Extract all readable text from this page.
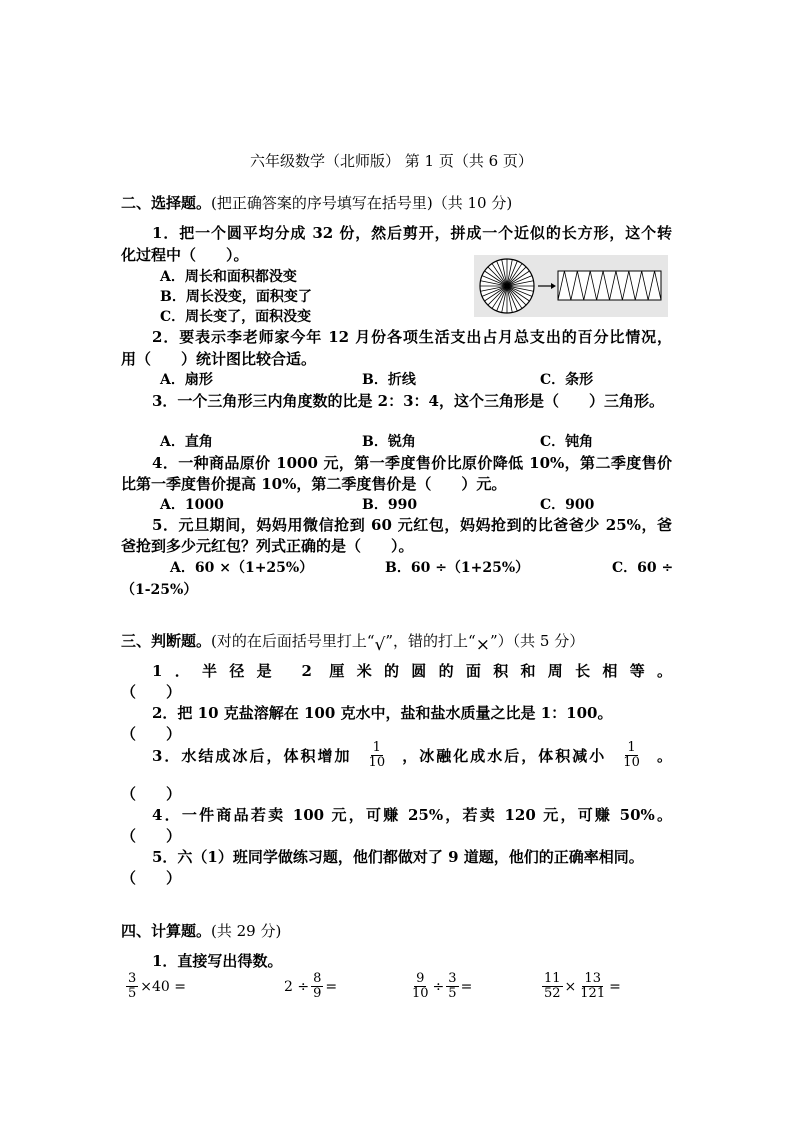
六年级数学（北师版） 第 1 页（共 6 页）
二、选择题。(把正确答案的序号填写在括号里)（共 10 分)
1．把一个圆平均分成 32 份，然后剪开，拼成一个近似的长方形，这个转
化过程中（　　）。
A．周长和面积都没变
B．周长没变，面积变了
C．周长变了，面积没变
2．要表示李老师家今年 12 月份各项生活支出占月总支出的百分比情况，
用（　　）统计图比较合适。
A．扇形	B．折线	C．条形
3．一个三角形三内角度数的比是 2：3：4，这个三角形是（　　）三角形。
A．直角	B．锐角	C．钝角
4．一种商品原价 1000 元，第一季度售价比原价降低 10%，第二季度售价
比第一季度售价提高 10%，第二季度售价是（　　）元。
A．1000	B．990	C．900
5．元旦期间，妈妈用微信抢到 60 元红包，妈妈抢到的比爸爸少 25%，爸
爸抢到多少元红包？列式正确的是（　　）。
A．60 ×（1+25%）	B．60 ÷（1+25%）	C．60 ÷
（1-25%）
三、判断题。(对的在后面括号里打上“√”，错的打上“×”）（共 5 分）
1．半径是 2 厘米的圆的面积和周长相等。
（　　）
2．把 10 克盐溶解在 100 克水中，盐和盐水质量之比是 1：100。
（　　）
3．水结成冰后，体积增加 $\frac{1}{10}$ ，冰融化成水后，体积减小 $\frac{1}{10}$ 。
（　　）
4．一件商品若卖 100 元，可赚 25%，若卖 120 元，可赚 50%。
（　　）
5．六（1）班同学做练习题，他们都做对了 9 道题，他们的正确率相同。
（　　）
四、计算题。(共 29 分)
1．直接写出得数。
$\frac{3}{5} \times 40$ =	$2 \div \frac{8}{9}$ =	$\frac{9}{10} \div \frac{3}{5}$ =	$\frac{11}{52} \times \frac{13}{121}$ =
